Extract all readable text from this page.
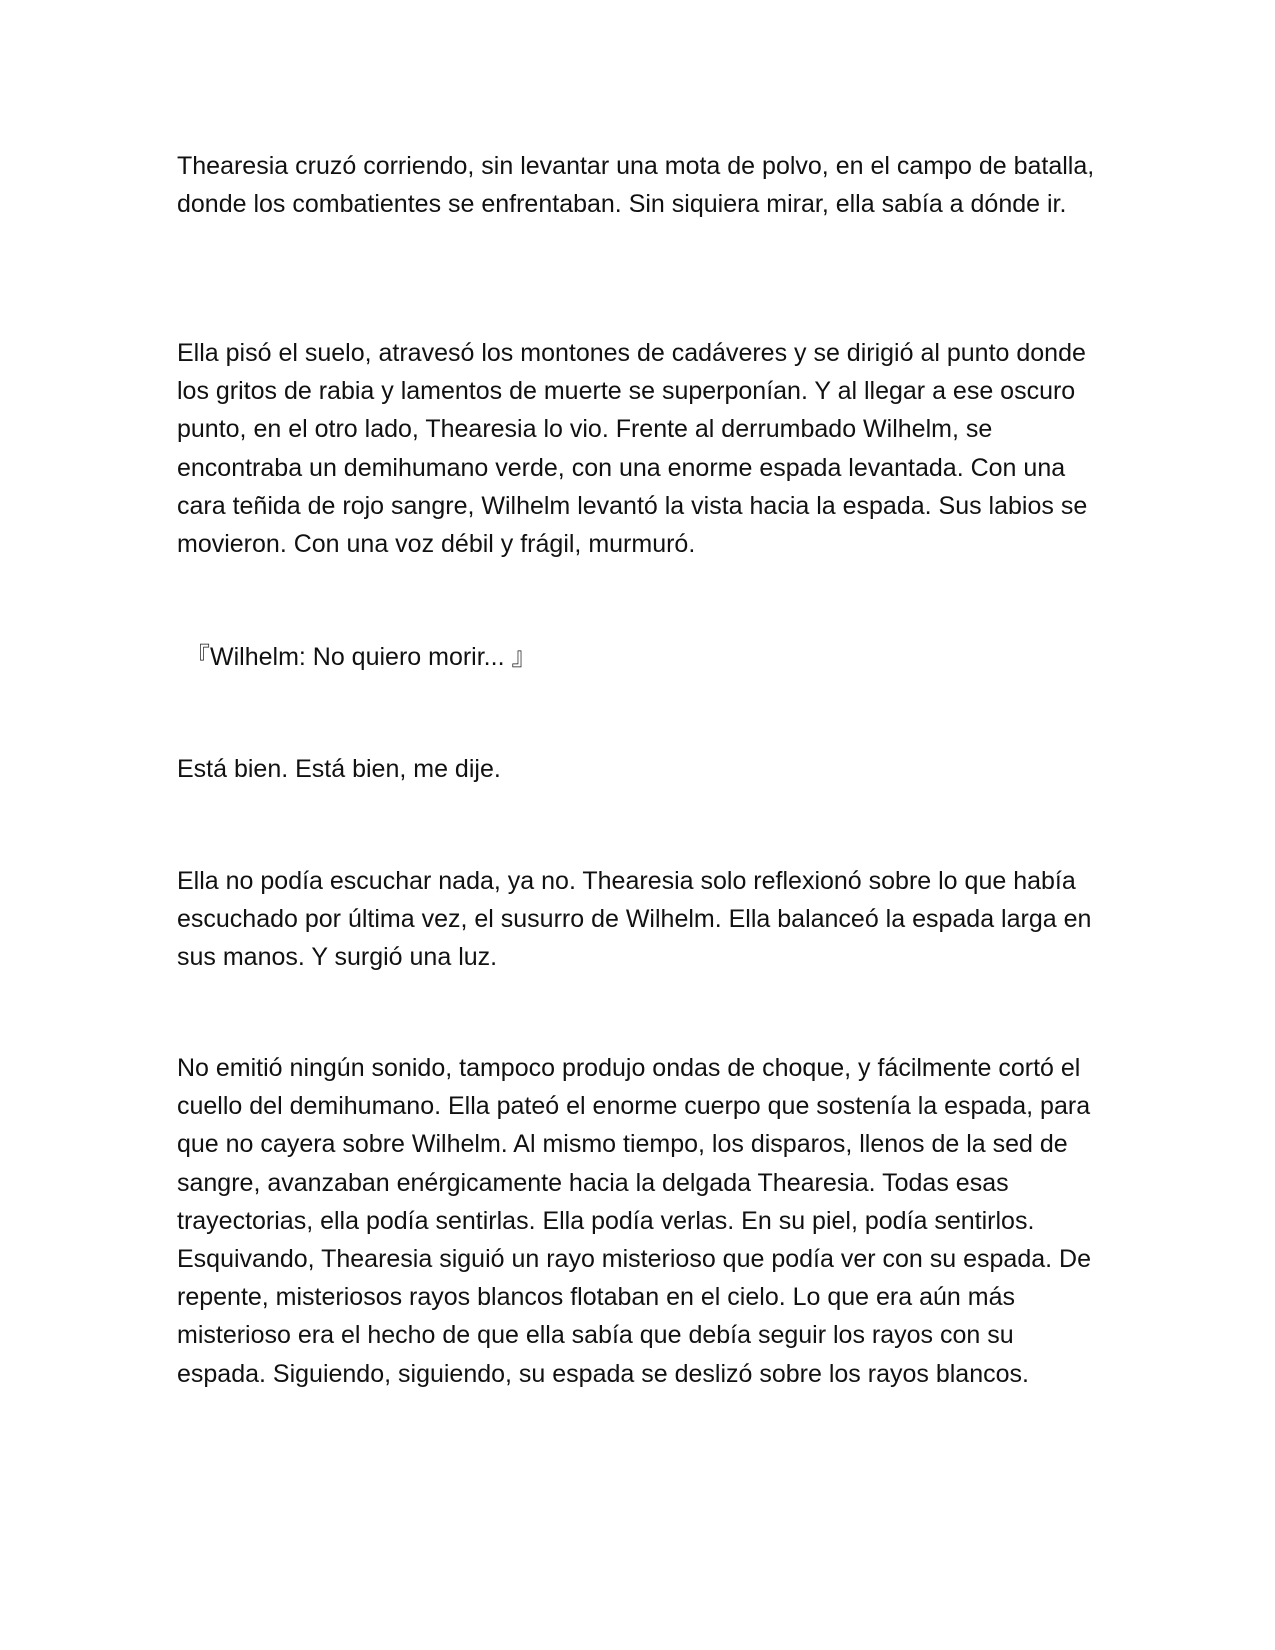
Thearesia cruzó corriendo, sin levantar una mota de polvo, en el campo de batalla, donde los combatientes se enfrentaban. Sin siquiera mirar, ella sabía a dónde ir.

Ella pisó el suelo, atravesó los montones de cadáveres y se dirigió al punto donde los gritos de rabia y lamentos de muerte se superponían. Y al llegar a ese oscuro punto, en el otro lado, Thearesia lo vio. Frente al derrumbado Wilhelm, se encontraba un demihumano verde, con una enorme espada levantada. Con una cara teñida de rojo sangre, Wilhelm levantó la vista hacia la espada. Sus labios se movieron. Con una voz débil y frágil, murmuró.

『Wilhelm: No quiero morir... 』

Está bien. Está bien, me dije.

Ella no podía escuchar nada, ya no. Thearesia solo reflexionó sobre lo que había escuchado por última vez, el susurro de Wilhelm. Ella balanceó la espada larga en sus manos. Y surgió una luz.

No emitió ningún sonido, tampoco produjo ondas de choque, y fácilmente cortó el cuello del demihumano. Ella pateó el enorme cuerpo que sostenía la espada, para que no cayera sobre Wilhelm. Al mismo tiempo, los disparos, llenos de la sed de sangre, avanzaban enérgicamente hacia la delgada Thearesia. Todas esas trayectorias, ella podía sentirlas. Ella podía verlas. En su piel, podía sentirlos. Esquivando, Thearesia siguió un rayo misterioso que podía ver con su espada. De repente, misteriosos rayos blancos flotaban en el cielo. Lo que era aún más misterioso era el hecho de que ella sabía que debía seguir los rayos con su espada. Siguiendo, siguiendo, su espada se deslizó sobre los rayos blancos.
